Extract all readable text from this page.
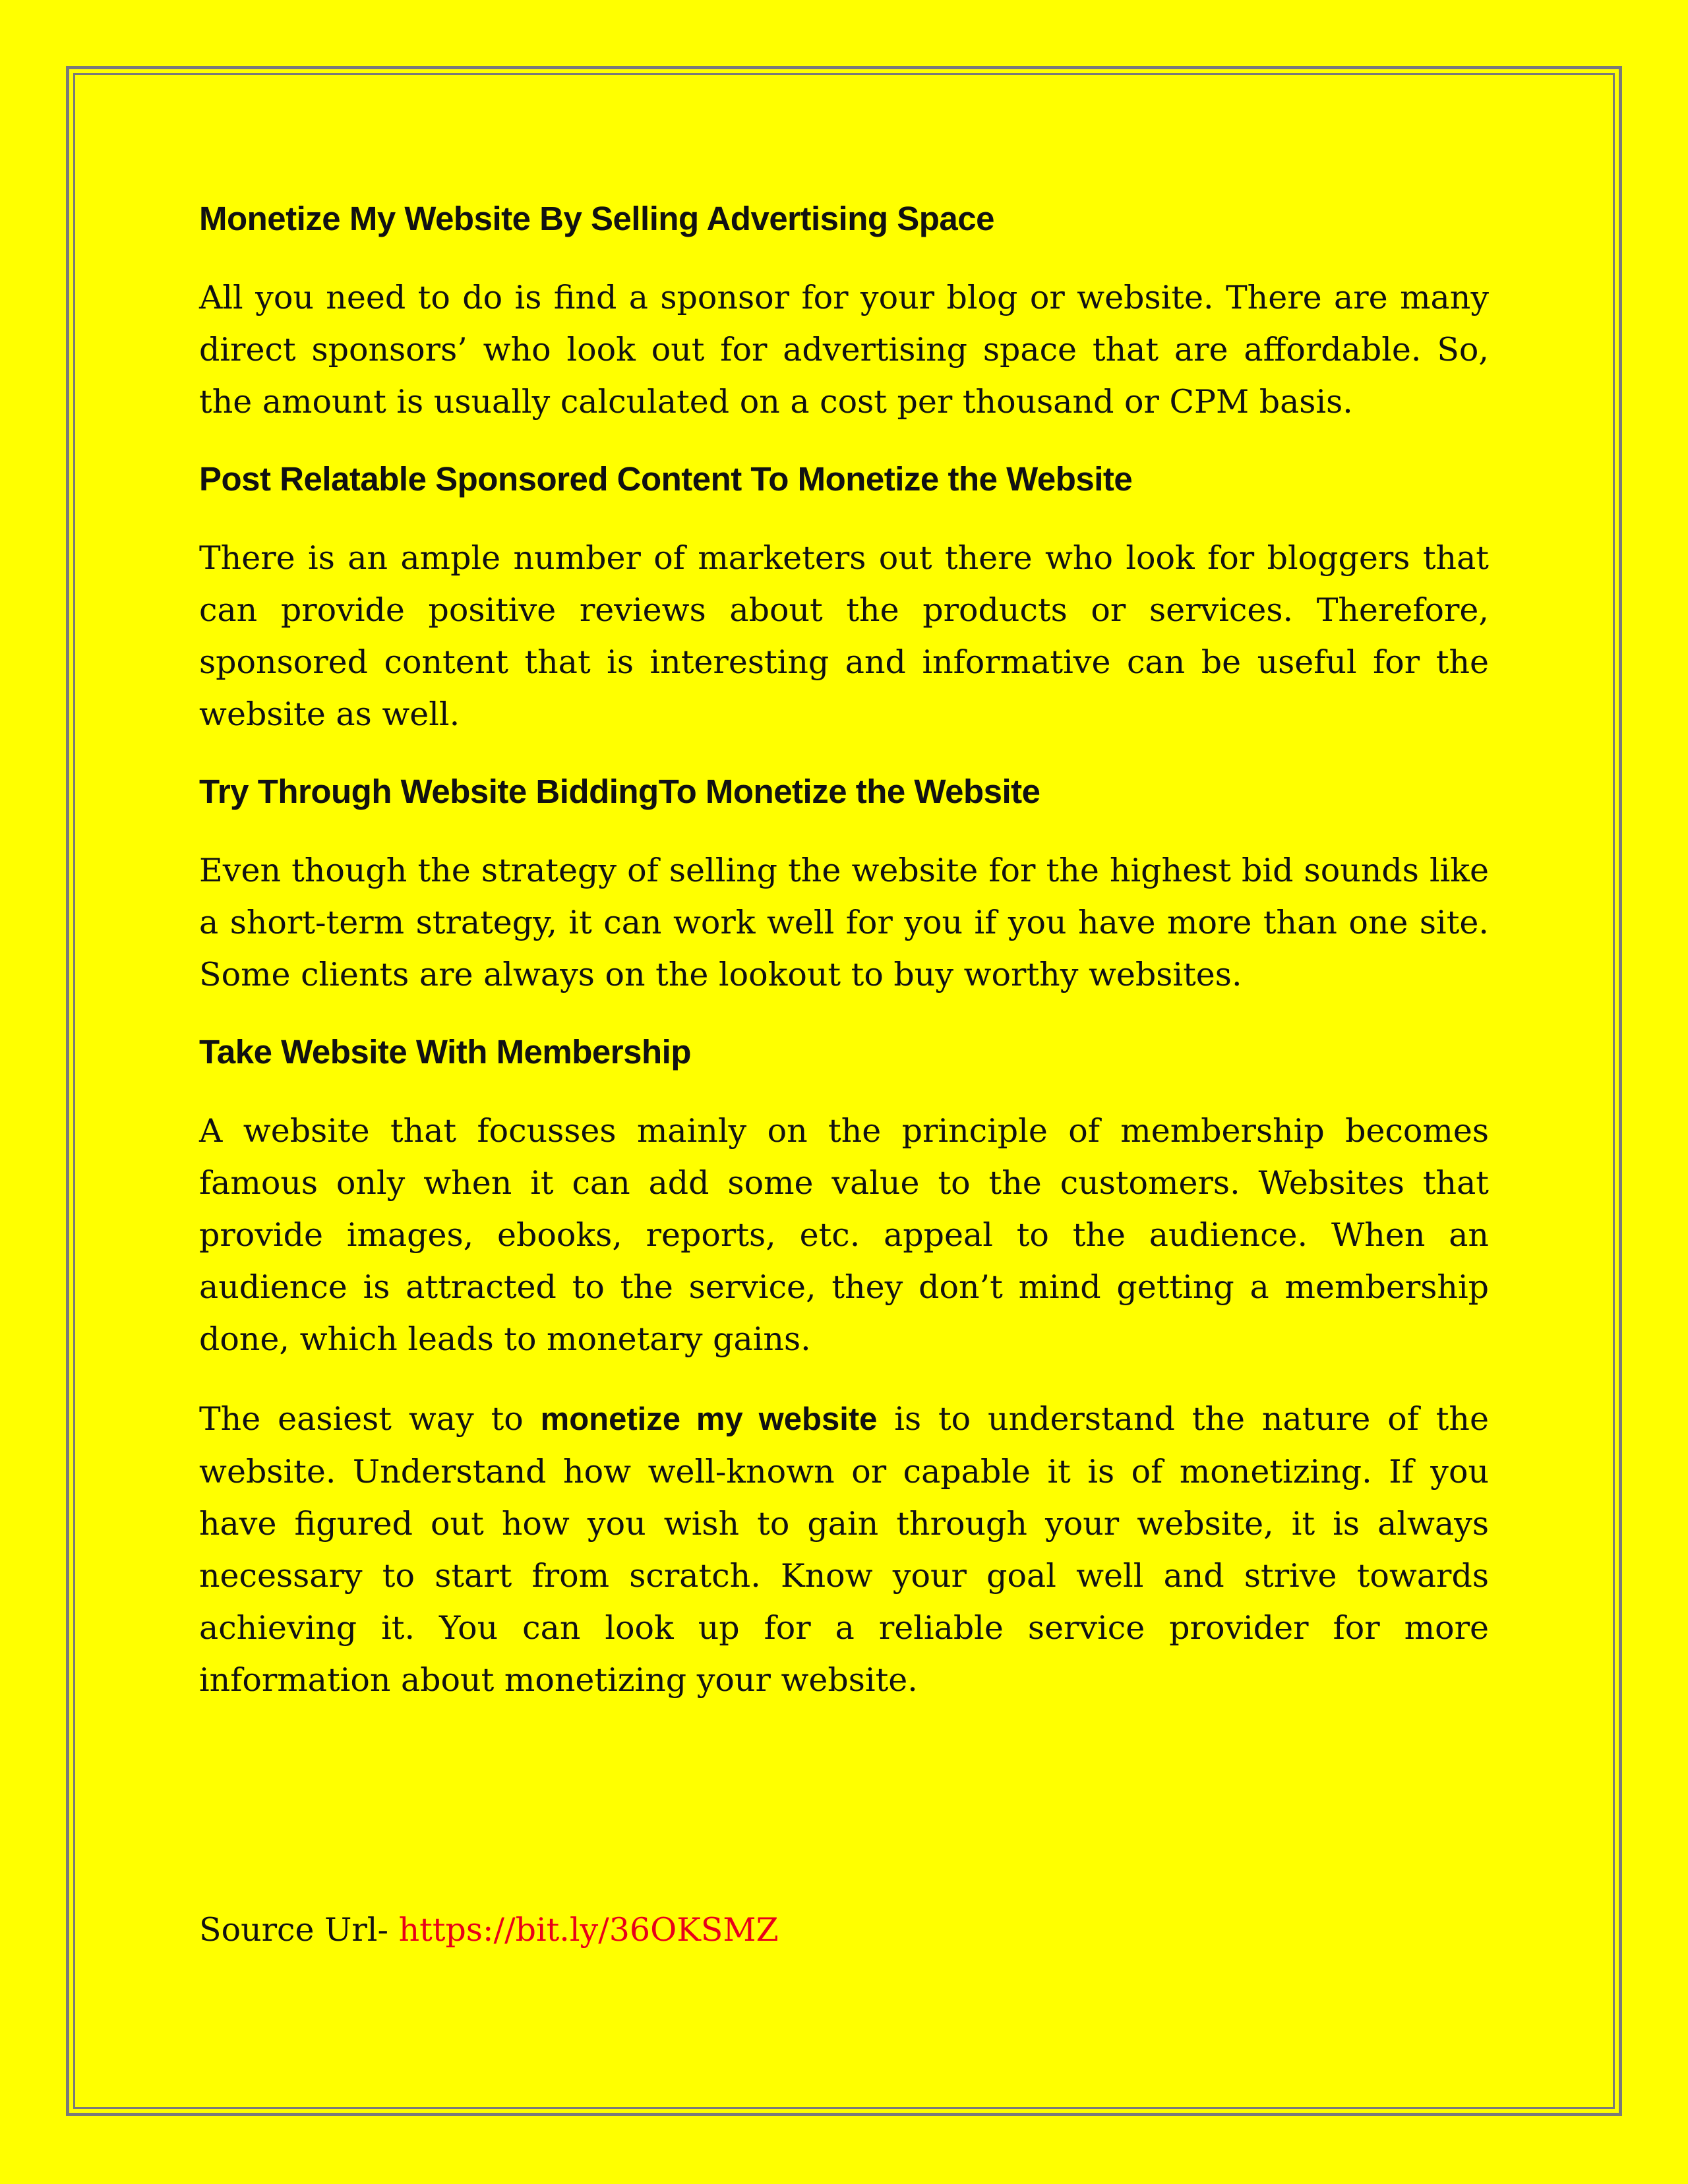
Monetize My Website By Selling Advertising Space

All you need to do is find a sponsor for your blog or website. There are many direct sponsors’ who look out for advertising space that are affordable. So, the amount is usually calculated on a cost per thousand or CPM basis.

Post Relatable Sponsored Content To Monetize the Website

There is an ample number of marketers out there who look for bloggers that can provide positive reviews about the products or services. Therefore, sponsored content that is interesting and informative can be useful for the website as well.

Try Through Website BiddingTo Monetize the Website

Even though the strategy of selling the website for the highest bid sounds like a short-term strategy, it can work well for you if you have more than one site. Some clients are always on the lookout to buy worthy websites.

Take Website With Membership

A website that focusses mainly on the principle of membership becomes famous only when it can add some value to the customers. Websites that provide images, ebooks, reports, etc. appeal to the audience. When an audience is attracted to the service, they don’t mind getting a membership done, which leads to monetary gains.

The easiest way to monetize my website is to understand the nature of the website. Understand how well-known or capable it is of monetizing. If you have figured out how you wish to gain through your website, it is always necessary to start from scratch. Know your goal well and strive towards achieving it. You can look up for a reliable service provider for more information about monetizing your website.

Source Url- https://bit.ly/36OKSMZ
